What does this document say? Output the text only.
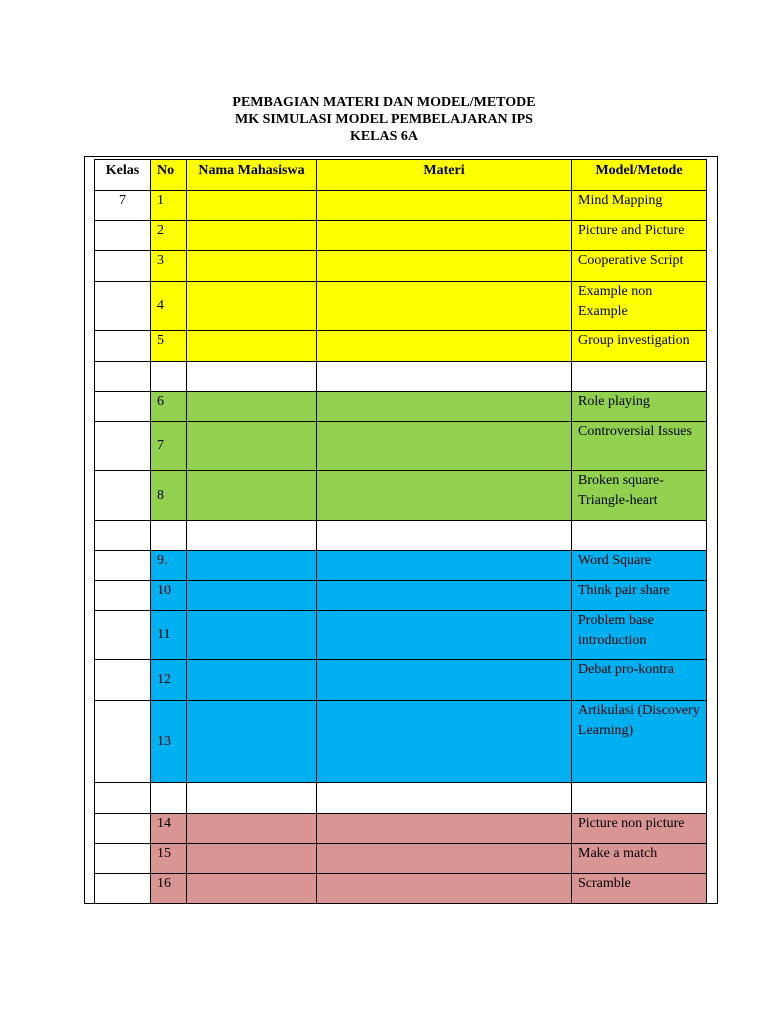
PEMBAGIAN MATERI DAN MODEL/METODE
MK SIMULASI MODEL PEMBELAJARAN IPS
KELAS 6A
Kelas	No	Nama Mahasiswa	Materi	Model/Metode
7	1			Mind Mapping
	2			Picture and Picture
	3			Cooperative Script
	4			Example non Example
	5			Group investigation

	6			Role playing
	7			Controversial Issues
	8			Broken square-Triangle-heart

	9.			Word Square
	10			Think pair share
	11			Problem base introduction
	12			Debat pro-kontra
	13			Artikulasi (Discovery Learning)

	14			Picture non picture
	15			Make a match
	16			Scramble
